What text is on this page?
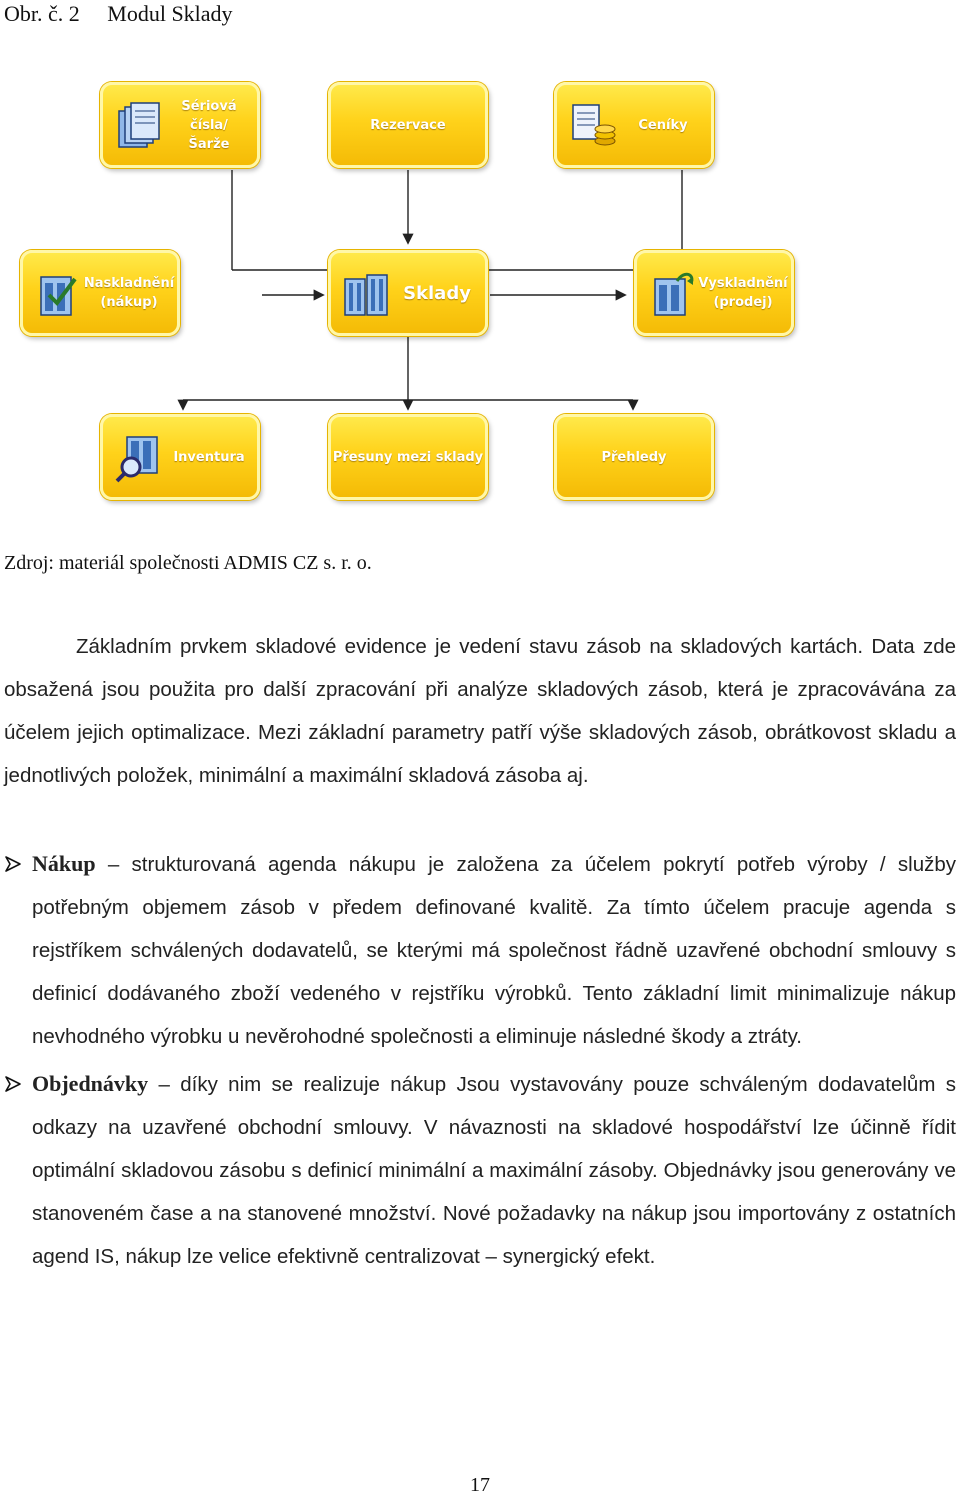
Obr. č. 2 Modul Sklady
Sériová čísla/
Šarže
Rezervace	Ceníky
Naskladnění
(nákup)	Sklady	Vyskladnění
(prodej)
Inventura	Přesuny mezi sklady	Přehledy
Zdroj: materiál společnosti ADMIS CZ s. r. o.
Základním prvkem skladové evidence je vedení stavu zásob na skladových kartách. Data zde obsažená jsou použita pro další zpracování při analýze skladových zásob, která je zpracovávána za účelem jejich optimalizace. Mezi základní parametry patří výše skladových zásob, obrátkovost skladu a jednotlivých položek, minimální a maximální skladová zásoba aj.
Nákup – strukturovaná agenda nákupu je založena za účelem pokrytí potřeb výroby / služby potřebným objemem zásob v předem definované kvalitě. Za tímto účelem pracuje agenda s rejstříkem schválených dodavatelů, se kterými má společnost řádně uzavřené obchodní smlouvy s definicí dodávaného zboží vedeného v rejstříku výrobků. Tento základní limit minimalizuje nákup nevhodného výrobku u nevěrohodné společnosti a eliminuje následné škody a ztráty.
Objednávky – díky nim se realizuje nákup Jsou vystavovány pouze schváleným dodavatelům s odkazy na uzavřené obchodní smlouvy. V návaznosti na skladové hospodářství lze účinně řídit optimální skladovou zásobu s definicí minimální a maximální zásoby. Objednávky jsou generovány ve stanoveném čase a na stanovené množství. Nové požadavky na nákup jsou importovány z ostatních agend IS, nákup lze velice efektivně centralizovat – synergický efekt.
17
